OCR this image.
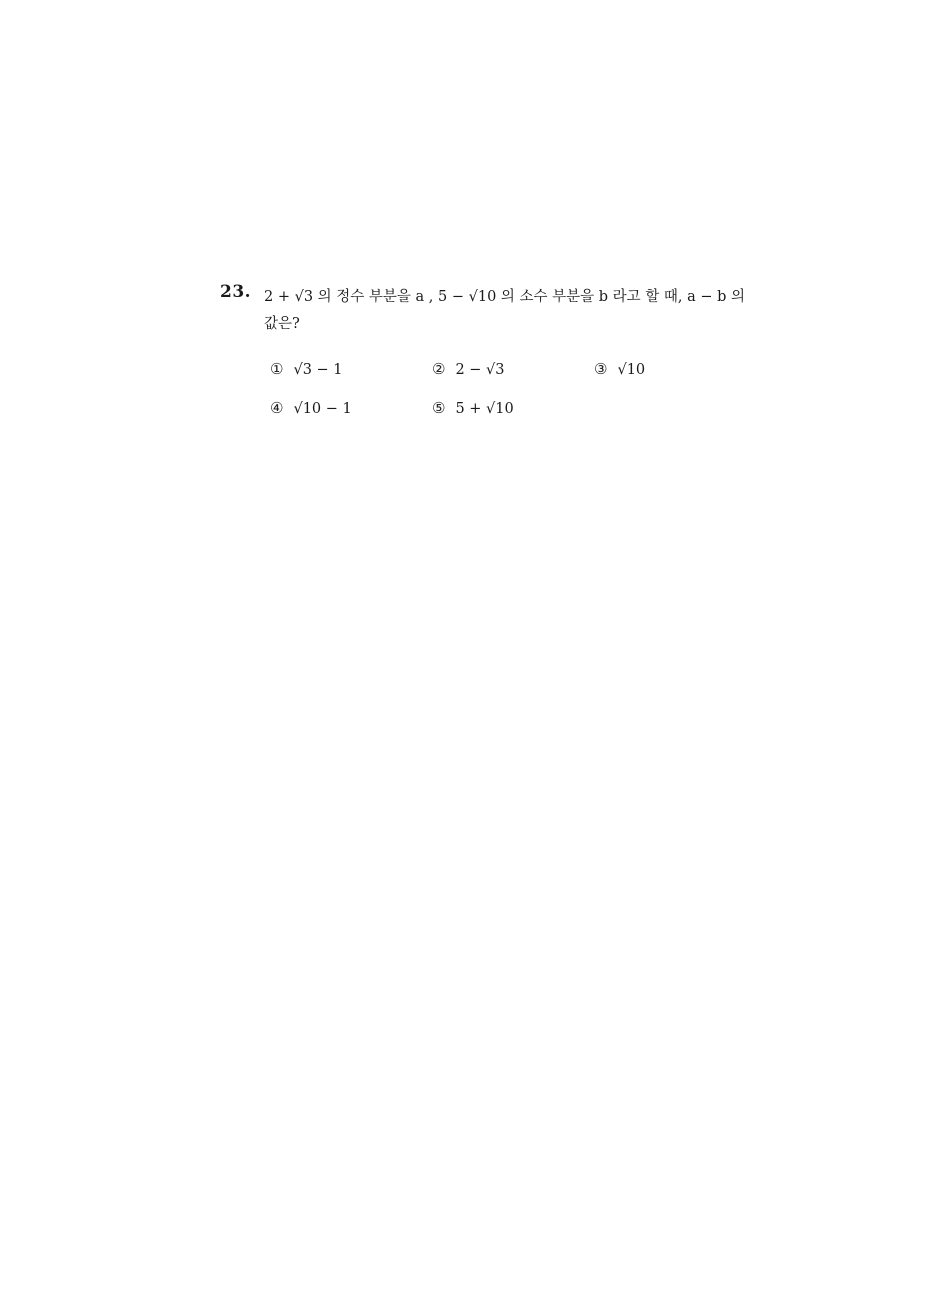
23. 2 + √3 의 정수 부분을 a , 5 − √10 의 소수 부분을 b 라고 할 때, a − b 의
값은?
① √3 − 1	② 2 − √3	③ √10
④ √10 − 1	⑤ 5 + √10
